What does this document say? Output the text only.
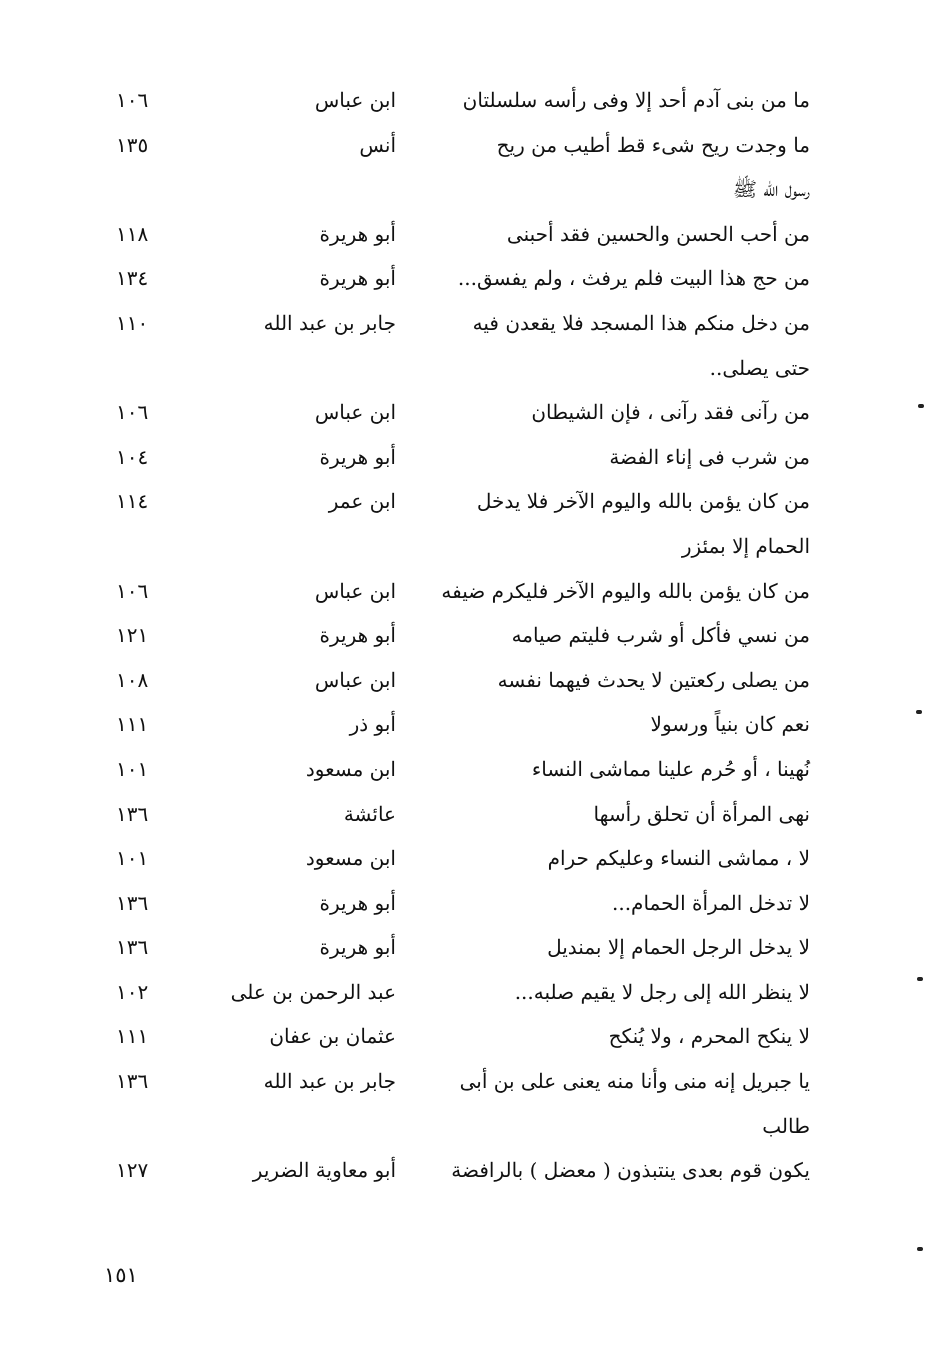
ما من بنى آدم أحد إلا وفى رأسه سلسلتان
ابن عباس
١٠٦
ما وجدت ريح شىء قط أطيب من ريح
أنس
١٣٥
رسول الله ﷺ
من أحب الحسن والحسين فقد أحبنى
أبو هريرة
١١٨
من حج هذا البيت فلم يرفث ، ولم يفسق...
أبو هريرة
١٣٤
من دخل منكم هذا المسجد فلا يقعدن فيه
جابر بن عبد الله
١١٠
حتى يصلى..
من رآنى فقد رآنى ، فإن الشيطان
ابن عباس
١٠٦
من شرب فى إناء الفضة
أبو هريرة
١٠٤
من كان يؤمن بالله واليوم الآخر فلا يدخل
ابن عمر
١١٤
الحمام إلا بمئزر
من كان يؤمن بالله واليوم الآخر فليكرم ضيفه
ابن عباس
١٠٦
من نسي فأكل أو شرب فليتم صيامه
أبو هريرة
١٢١
من يصلى ركعتين لا يحدث فيهما نفسه
ابن عباس
١٠٨
نعم كان بنياً ورسولا
أبو ذر
١١١
نُهينا ، أو حُرم علينا مماشى النساء
ابن مسعود
١٠١
نهى المرأة أن تحلق رأسها
عائشة
١٣٦
لا ، مماشى النساء وعليكم حرام
ابن مسعود
١٠١
لا تدخل المرأة الحمام...
أبو هريرة
١٣٦
لا يدخل الرجل الحمام إلا بمنديل
أبو هريرة
١٣٦
لا ينظر الله إلى رجل لا يقيم صلبه...
عبد الرحمن بن على
١٠٢
لا ينكح المحرم ، ولا يُنكح
عثمان بن عفان
١١١
يا جبريل إنه منى وأنا منه يعنى على بن أبى
جابر بن عبد الله
١٣٦
طالب
يكون قوم بعدى ينتبذون ( معضل ) بالرافضة
أبو معاوية الضرير
١٢٧
١٥١
